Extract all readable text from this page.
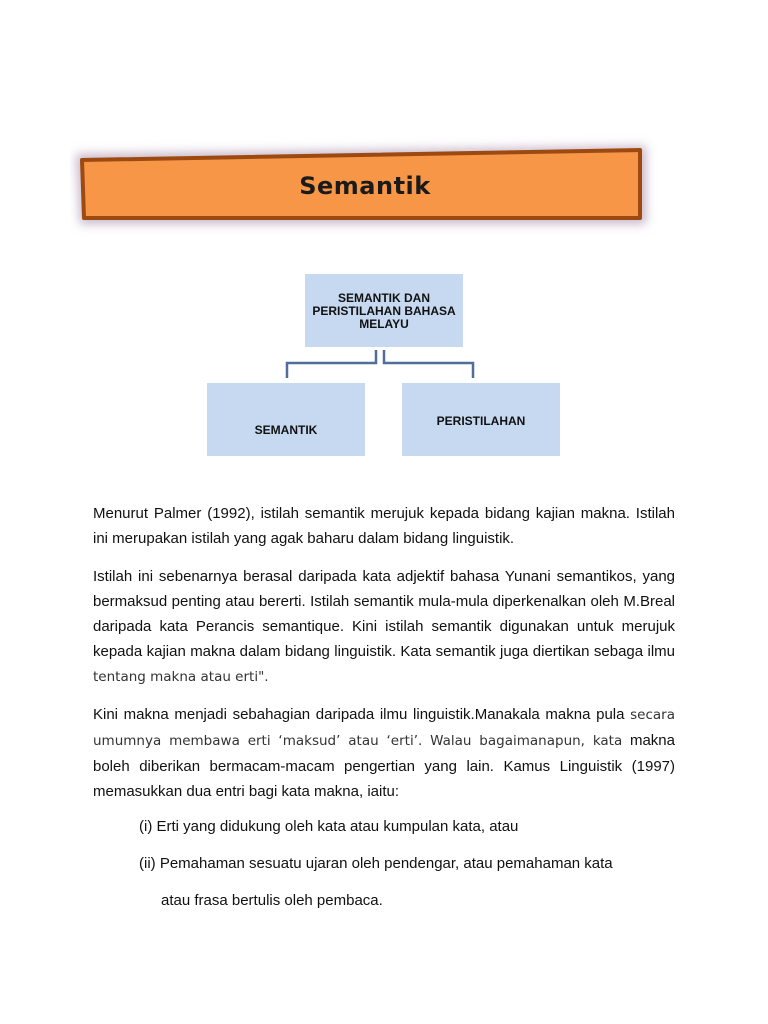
Semantik
SEMANTIK DAN PERISTILAHAN BAHASA MELAYU
SEMANTIK
PERISTILAHAN
Menurut Palmer (1992), istilah semantik merujuk kepada bidang kajian makna. Istilah ini merupakan istilah yang agak baharu dalam bidang linguistik.
Istilah ini sebenarnya berasal daripada kata adjektif bahasa Yunani semantikos, yang bermaksud penting atau bererti. Istilah semantik mula-mula diperkenalkan oleh M.Breal daripada kata Perancis semantique. Kini istilah semantik digunakan untuk merujuk kepada kajian makna dalam bidang linguistik. Kata semantik juga diertikan sebaga ilmu tentang makna atau erti".
Kini makna menjadi sebahagian daripada ilmu linguistik.Manakala makna pula secara umumnya membawa erti ‘maksud’ atau ‘erti’. Walau bagaimanapun, kata makna boleh diberikan bermacam-macam pengertian yang lain. Kamus Linguistik (1997) memasukkan dua entri bagi kata makna, iaitu:
(i) Erti yang didukung oleh kata atau kumpulan kata, atau
(ii) Pemahaman sesuatu ujaran oleh pendengar, atau pemahaman kata
atau frasa bertulis oleh pembaca.
